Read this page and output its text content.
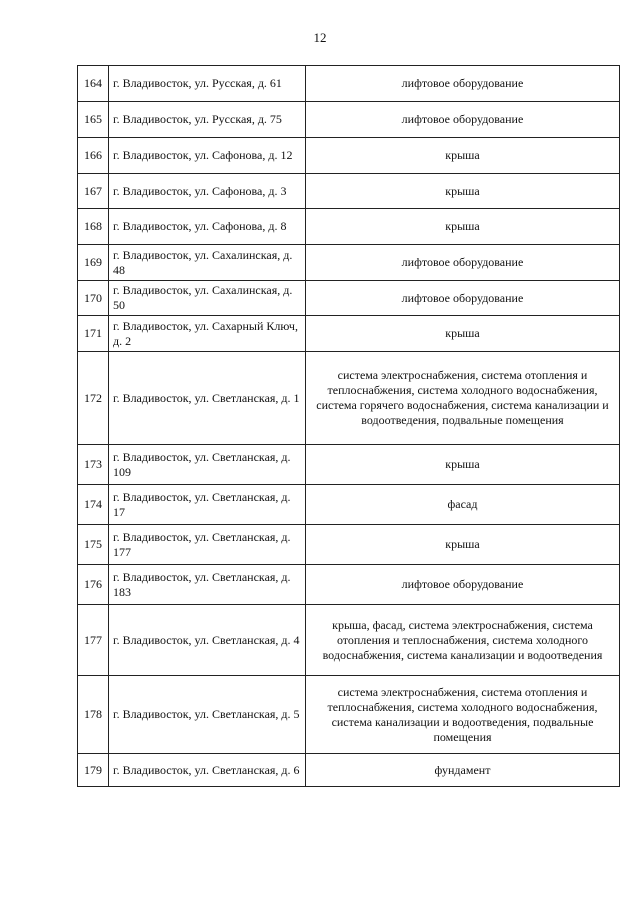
12
164	г. Владивосток, ул. Русская, д. 61	лифтовое оборудование
165	г. Владивосток, ул. Русская, д. 75	лифтовое оборудование
166	г. Владивосток, ул. Сафонова, д. 12	крыша
167	г. Владивосток, ул. Сафонова, д. 3	крыша
168	г. Владивосток, ул. Сафонова, д. 8	крыша
169	г. Владивосток, ул. Сахалинская, д. 48	лифтовое оборудование
170	г. Владивосток, ул. Сахалинская, д. 50	лифтовое оборудование
171	г. Владивосток, ул. Сахарный Ключ, д. 2	крыша
172	г. Владивосток, ул. Светланская, д. 1	система электроснабжения, система отопления и теплоснабжения, система холодного водоснабжения, система горячего водоснабжения, система канализации и водоотведения, подвальные помещения
173	г. Владивосток, ул. Светланская, д. 109	крыша
174	г. Владивосток, ул. Светланская, д. 17	фасад
175	г. Владивосток, ул. Светланская, д. 177	крыша
176	г. Владивосток, ул. Светланская, д. 183	лифтовое оборудование
177	г. Владивосток, ул. Светланская, д. 4	крыша, фасад, система электроснабжения, система отопления и теплоснабжения, система холодного водоснабжения, система канализации и водоотведения
178	г. Владивосток, ул. Светланская, д. 5	система электроснабжения, система отопления и теплоснабжения, система холодного водоснабжения, система канализации и водоотведения, подвальные помещения
179	г. Владивосток, ул. Светланская, д. 6	фундамент
